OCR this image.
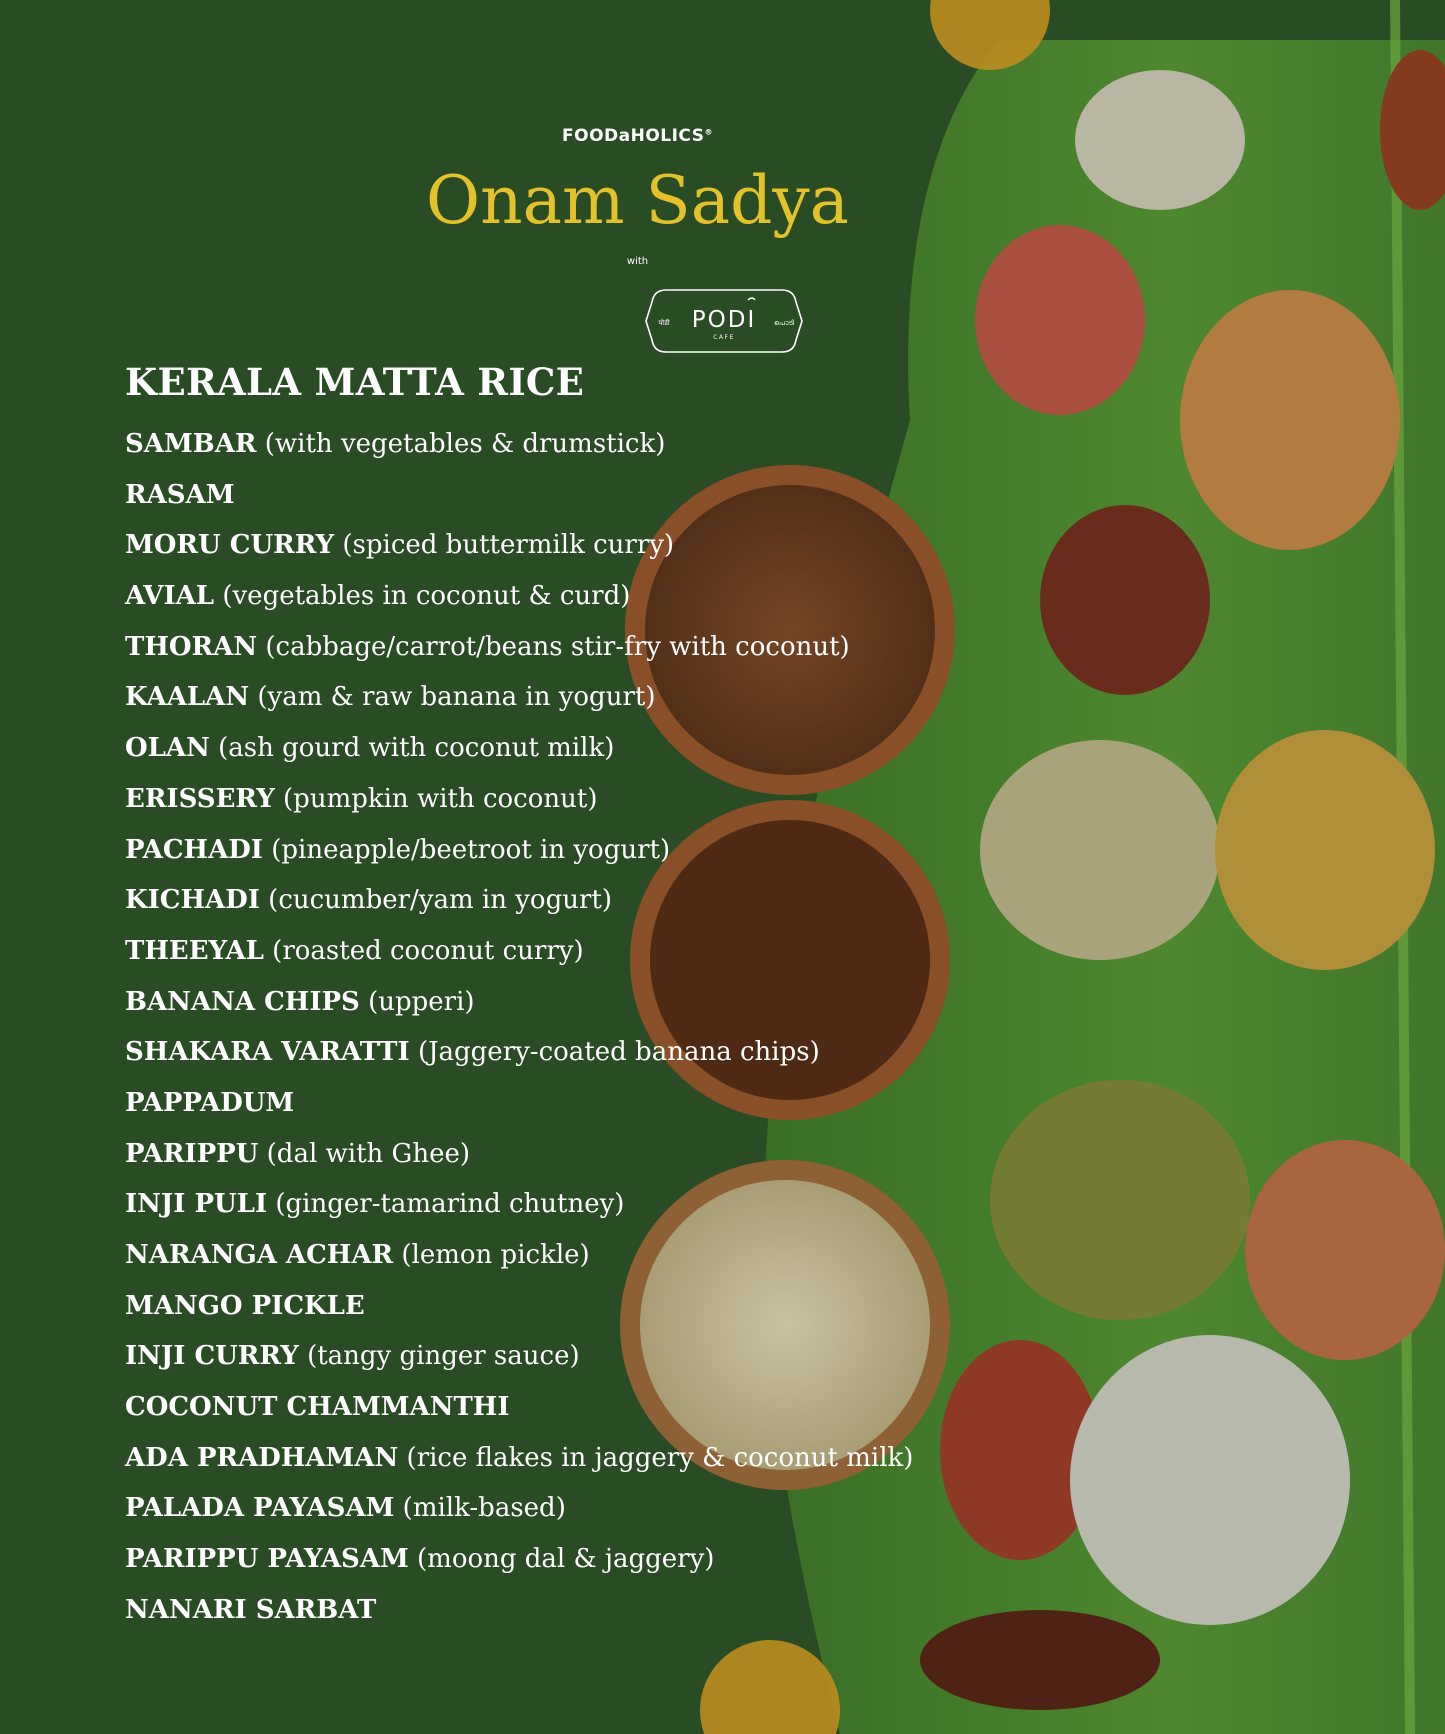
FOODaHOLICS®
Onam Sadya
with
पोडी PODI
CAFE
പൊടി
KERALA MATTA RICE
SAMBAR (with vegetables & drumstick)
RASAM
MORU CURRY (spiced buttermilk curry)
AVIAL (vegetables in coconut & curd)
THORAN (cabbage/carrot/beans stir-fry with coconut)
KAALAN (yam & raw banana in yogurt)
OLAN (ash gourd with coconut milk)
ERISSERY (pumpkin with coconut)
PACHADI (pineapple/beetroot in yogurt)
KICHADI (cucumber/yam in yogurt)
THEEYAL (roasted coconut curry)
BANANA CHIPS (upperi)
SHAKARA VARATTI (Jaggery-coated banana chips)
PAPPADUM
PARIPPU (dal with Ghee)
INJI PULI (ginger-tamarind chutney)
NARANGA ACHAR (lemon pickle)
MANGO PICKLE
INJI CURRY (tangy ginger sauce)
COCONUT CHAMMANTHI
ADA PRADHAMAN (rice flakes in jaggery & coconut milk)
PALADA PAYASAM (milk-based)
PARIPPU PAYASAM (moong dal & jaggery)
NANARI SARBAT
